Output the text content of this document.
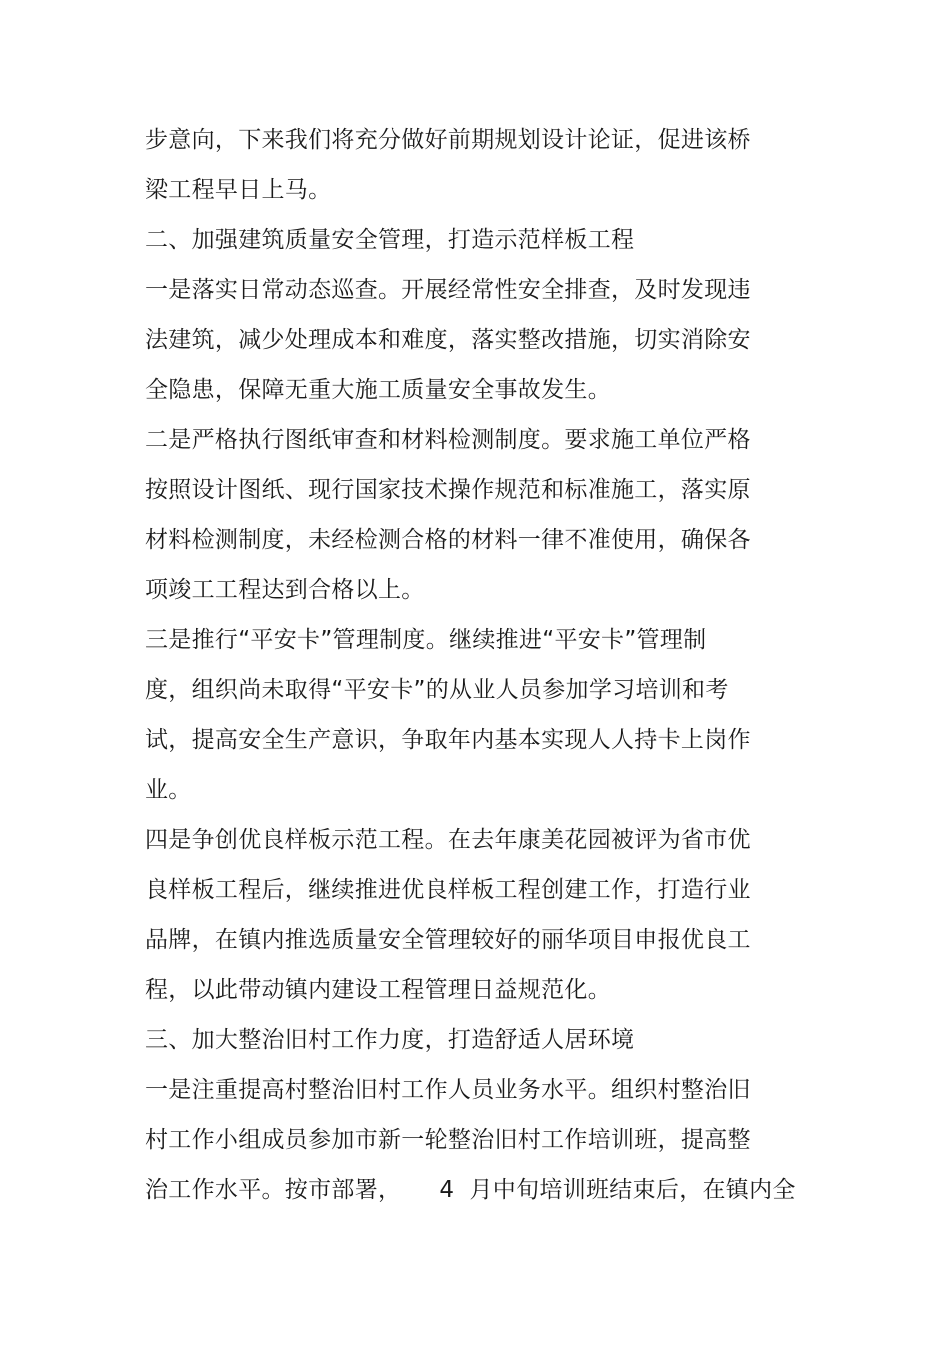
步意向，下来我们将充分做好前期规划设计论证，促进该桥

梁工程早日上马。

二、加强建筑质量安全管理，打造示范样板工程

一是落实日常动态巡查。开展经常性安全排查，及时发现违

法建筑，减少处理成本和难度，落实整改措施，切实消除安

全隐患，保障无重大施工质量安全事故发生。

二是严格执行图纸审查和材料检测制度。要求施工单位严格

按照设计图纸、现行国家技术操作规范和标准施工，落实原

材料检测制度，未经检测合格的材料一律不准使用，确保各

项竣工工程达到合格以上。

三是推行“平安卡”管理制度。继续推进“平安卡”管理制

度，组织尚未取得“平安卡”的从业人员参加学习培训和考

试，提高安全生产意识，争取年内基本实现人人持卡上岗作

业。

四是争创优良样板示范工程。在去年康美花园被评为省市优

良样板工程后，继续推进优良样板工程创建工作，打造行业

品牌，在镇内推选质量安全管理较好的丽华项目申报优良工

程，以此带动镇内建设工程管理日益规范化。

三、加大整治旧村工作力度，打造舒适人居环境

一是注重提高村整治旧村工作人员业务水平。组织村整治旧

村工作小组成员参加市新一轮整治旧村工作培训班，提高整

治工作水平。按市部署，     4  月中旬培训班结束后，在镇内全
